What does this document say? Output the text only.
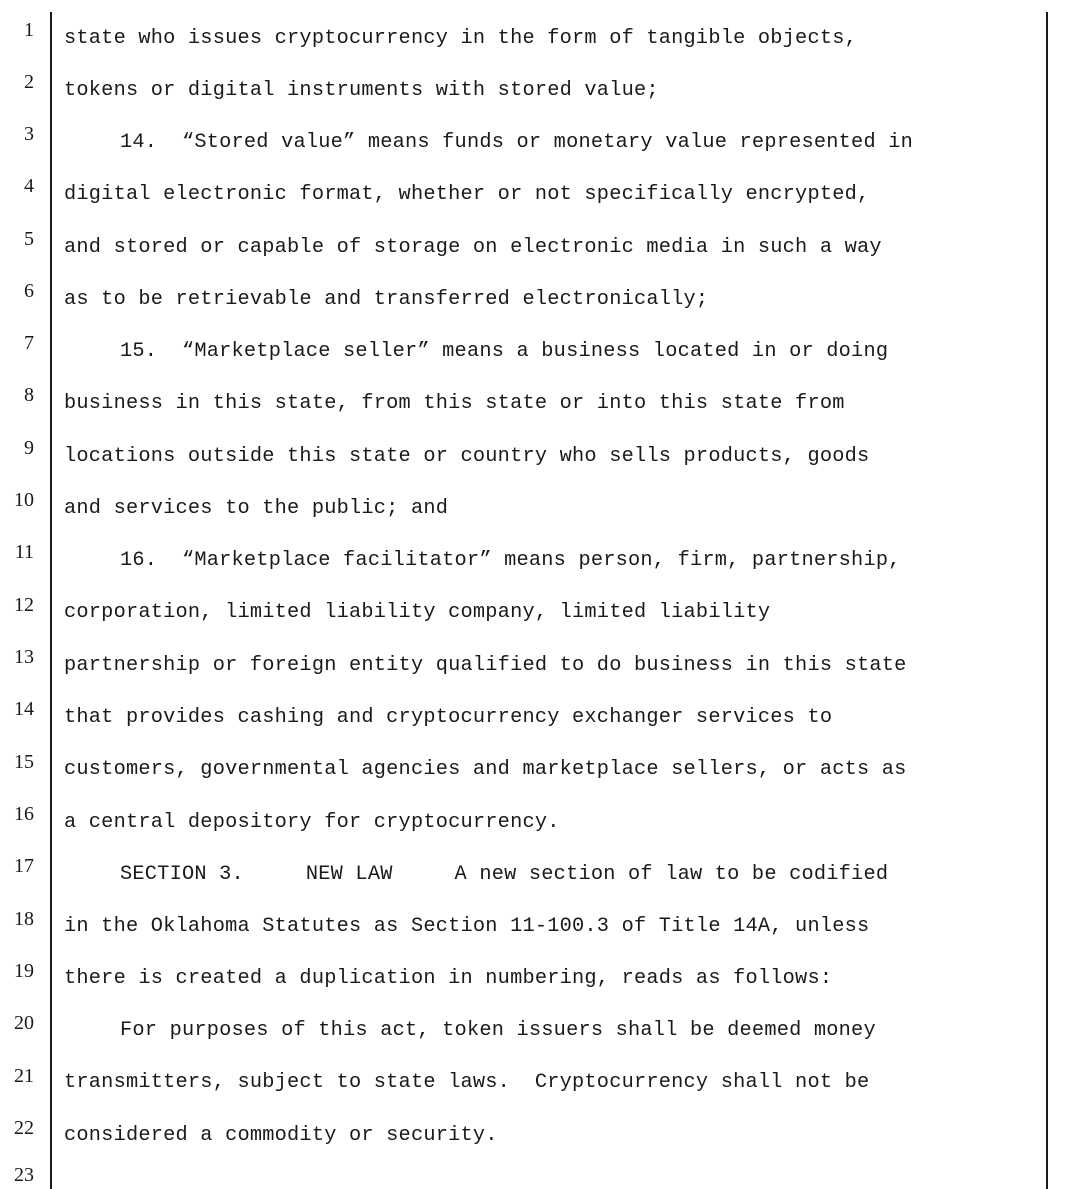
1
2
3
4
5
6
7
8
9
10
11
12
13
14
15
16
17
18
19
20
21
22
23
state who issues cryptocurrency in the form of tangible objects,
tokens or digital instruments with stored value;
14.  “Stored value” means funds or monetary value represented in
digital electronic format, whether or not specifically encrypted,
and stored or capable of storage on electronic media in such a way
as to be retrievable and transferred electronically;
15.  “Marketplace seller” means a business located in or doing
business in this state, from this state or into this state from
locations outside this state or country who sells products, goods
and services to the public; and
16.  “Marketplace facilitator” means person, firm, partnership,
corporation, limited liability company, limited liability
partnership or foreign entity qualified to do business in this state
that provides cashing and cryptocurrency exchanger services to
customers, governmental agencies and marketplace sellers, or acts as
a central depository for cryptocurrency.
SECTION 3.     NEW LAW     A new section of law to be codified
in the Oklahoma Statutes as Section 11-100.3 of Title 14A, unless
there is created a duplication in numbering, reads as follows:
For purposes of this act, token issuers shall be deemed money
transmitters, subject to state laws.  Cryptocurrency shall not be
considered a commodity or security.
